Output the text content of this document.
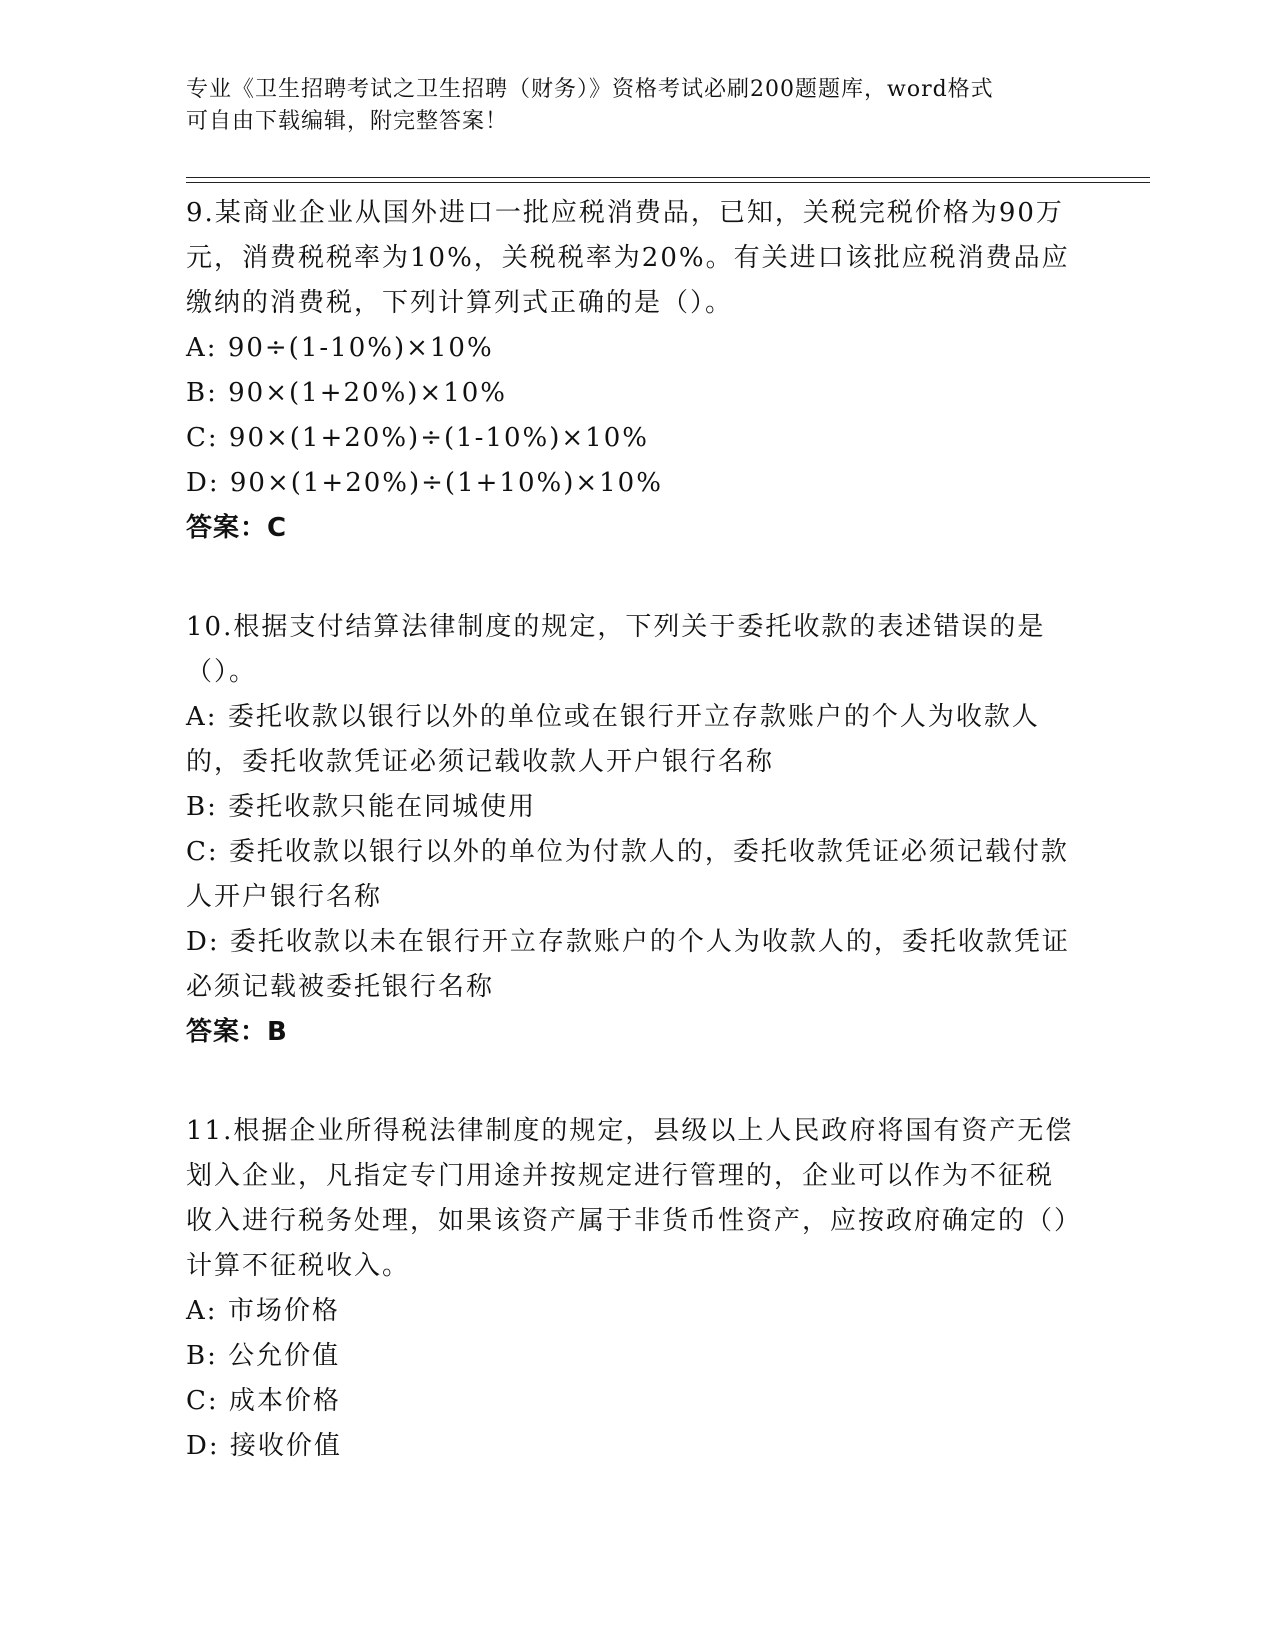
专业《卫生招聘考试之卫生招聘（财务）》资格考试必刷200题题库，word格式
可自由下载编辑，附完整答案！
9.某商业企业从国外进口一批应税消费品，已知，关税完税价格为90万元，消费税税率为10%，关税税率为20%。有关进口该批应税消费品应缴纳的消费税，下列计算列式正确的是（）。
A: 90÷(1-10%)×10%
B: 90×(1+20%)×10%
C: 90×(1+20%)÷(1-10%)×10%
D: 90×(1+20%)÷(1+10%)×10%
答案：C
10.根据支付结算法律制度的规定，下列关于委托收款的表述错误的是（）。
A: 委托收款以银行以外的单位或在银行开立存款账户的个人为收款人的，委托收款凭证必须记载收款人开户银行名称
B: 委托收款只能在同城使用
C: 委托收款以银行以外的单位为付款人的，委托收款凭证必须记载付款人开户银行名称
D: 委托收款以未在银行开立存款账户的个人为收款人的，委托收款凭证必须记载被委托银行名称
答案：B
11.根据企业所得税法律制度的规定，县级以上人民政府将国有资产无偿划入企业，凡指定专门用途并按规定进行管理的，企业可以作为不征税收入进行税务处理，如果该资产属于非货币性资产，应按政府确定的（）计算不征税收入。
A: 市场价格
B: 公允价值
C: 成本价格
D: 接收价值
